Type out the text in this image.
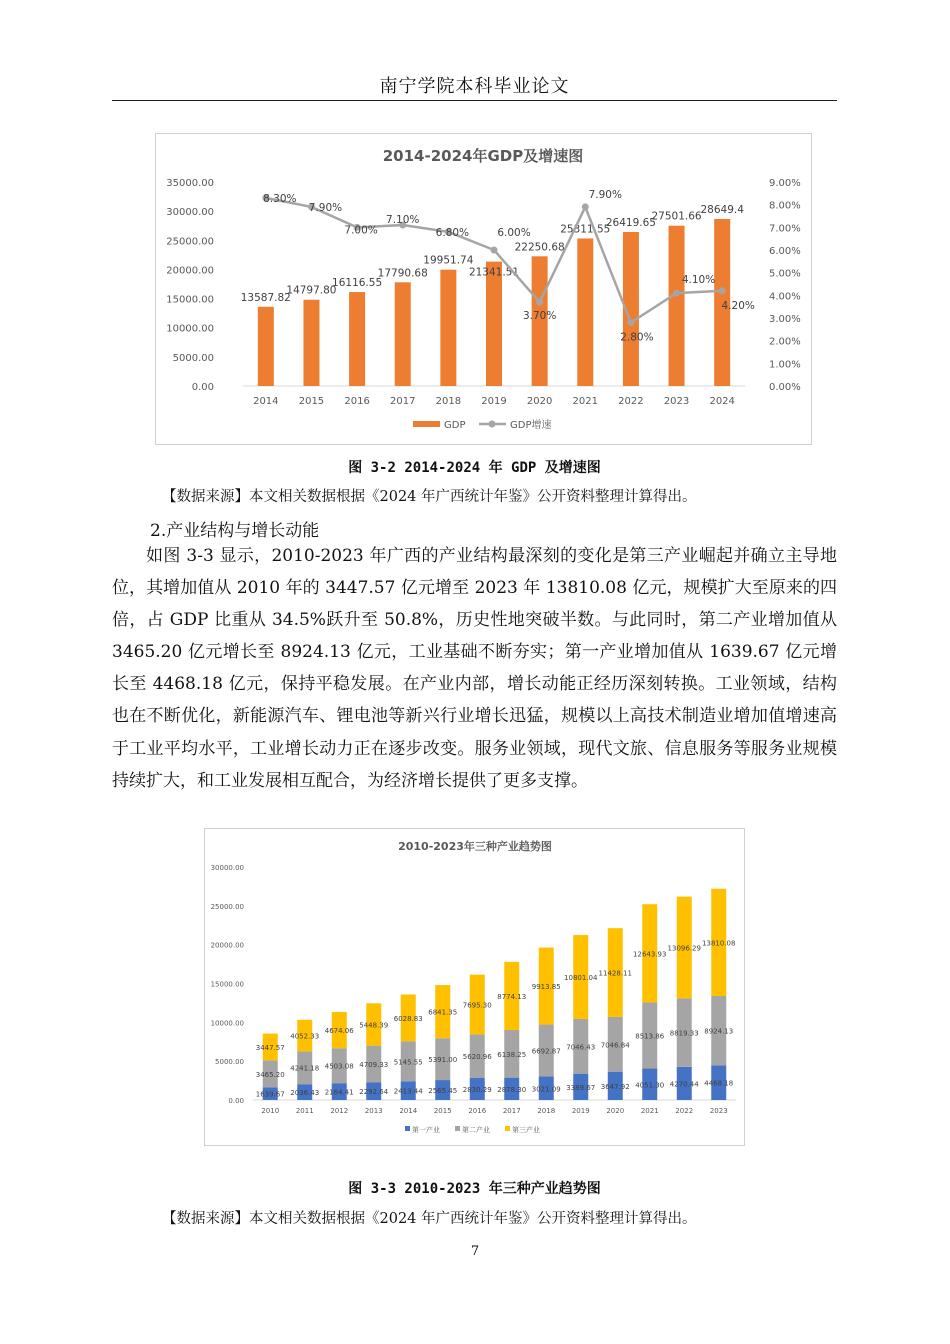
南宁学院本科毕业论文
2014-2024年GDP及增速图
0.00
5000.00
10000.00
15000.00
20000.00
25000.00
30000.00
35000.00
0.00%
1.00%
2.00%
3.00%
4.00%
5.00%
6.00%
7.00%
8.00%
9.00%
13587.82
2014
14797.80
2015
16116.55
2016
17790.68
2017
19951.74
2018
21341.51
2019
22250.68
2020
25311.55
2021
26419.65
2022
27501.66
2023
28649.4
2024
8.30%
7.90%
7.00%
7.10%
6.80%	6.00%
3.70%
7.90%
2.80%
4.10%
4.20%
GDP	GDP增速
图 3-2 2014-2024 年 GDP 及增速图
【数据来源】本文相关数据根据《2024 年广西统计年鉴》公开资料整理计算得出。
2.产业结构与增长动能

如图 3-3 显示，2010-2023 年广西的产业结构最深刻的变化是第三产业崛起并确立主导地位，其增加值从 2010 年的 3447.57 亿元增至 2023 年 13810.08 亿元，规模扩大至原来的四倍，占 GDP 比重从 34.5%跃升至 50.8%，历史性地突破半数。与此同时，第二产业增加值从 3465.20 亿元增长至 8924.13 亿元，工业基础不断夯实；第一产业增加值从 1639.67 亿元增长至 4468.18 亿元，保持平稳发展。在产业内部，增长动能正经历深刻转换。工业领域，结构也在不断优化，新能源汽车、锂电池等新兴行业增长迅猛，规模以上高技术制造业增加值增速高于工业平均水平，工业增长动力正在逐步改变。服务业领域，现代文旅、信息服务等服务业规模持续扩大，和工业发展相互配合，为经济增长提供了更多支撑。

2010-2023年三种产业趋势图
0.00
5000.00
10000.00
15000.00
20000.00
25000.00
30000.00
1639.67
3465.20
3447.57
2010
2036.43
4241.18
4052.33
2011
2164.41
4503.08
4674.06
2012
2292.64
4709.33
5448.39
2013
2413.44
5145.55
6028.83
2014
2565.45
5391.00
6841.35
2015
2830.29
5620.96
7695.30
2016
2878.30
6138.25
8774.13
2017
3021.09
6692.87
9913.85
2018
3389.67
7046.43
10801.04
2019
3647.92
7046.84
11428.11
2020
4051.30
8513.86
12643.93
2021
4270.44
8819.33
13096.29
2022
4468.18
8924.13
13810.08
2023
第一产业	第二产业	第三产业
图 3-3 2010-2023 年三种产业趋势图
【数据来源】本文相关数据根据《2024 年广西统计年鉴》公开资料整理计算得出。
7
